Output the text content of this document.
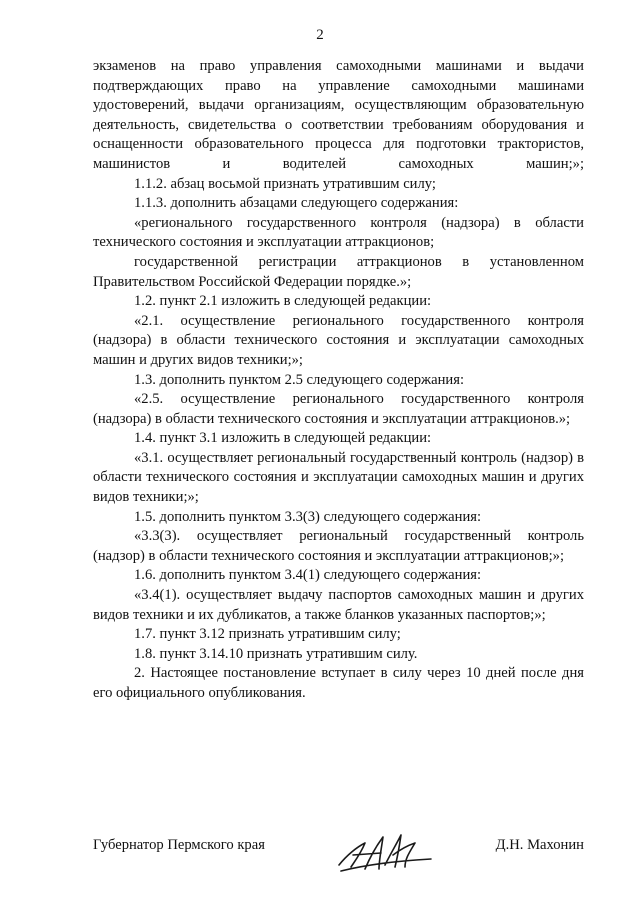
2

экзаменов на право управления самоходными машинами и выдачи подтверждающих право на управление самоходными машинами удостоверений, выдачи организациям, осуществляющим образовательную деятельность, свидетельства о соответствии требованиям оборудования и оснащенности образовательного процесса для подготовки трактористов, машинистов и водителей самоходных машин;»;

1.1.2. абзац восьмой признать утратившим силу;

1.1.3. дополнить абзацами следующего содержания:

«регионального государственного контроля (надзора) в области технического состояния и эксплуатации аттракционов;

государственной регистрации аттракционов в установленном Правительством Российской Федерации порядке.»;

1.2. пункт 2.1 изложить в следующей редакции:

«2.1. осуществление регионального государственного контроля (надзора) в области технического состояния и эксплуатации самоходных машин и других видов техники;»;

1.3. дополнить пунктом 2.5 следующего содержания:

«2.5. осуществление регионального государственного контроля (надзора) в области технического состояния и эксплуатации аттракционов.»;

1.4. пункт 3.1 изложить в следующей редакции:

«3.1. осуществляет региональный государственный контроль (надзор) в области технического состояния и эксплуатации самоходных машин и других видов техники;»;

1.5. дополнить пунктом 3.3(3) следующего содержания:

«3.3(3). осуществляет региональный государственный контроль (надзор) в области технического состояния и эксплуатации аттракционов;»;

1.6. дополнить пунктом 3.4(1) следующего содержания:

«3.4(1). осуществляет выдачу паспортов самоходных машин и других видов техники и их дубликатов, а также бланков указанных паспортов;»;

1.7. пункт 3.12 признать утратившим силу;

1.8. пункт 3.14.10 признать утратившим силу.

2. Настоящее постановление вступает в силу через 10 дней после дня его официального опубликования.

Губернатор Пермского края	Д.Н. Махонин
